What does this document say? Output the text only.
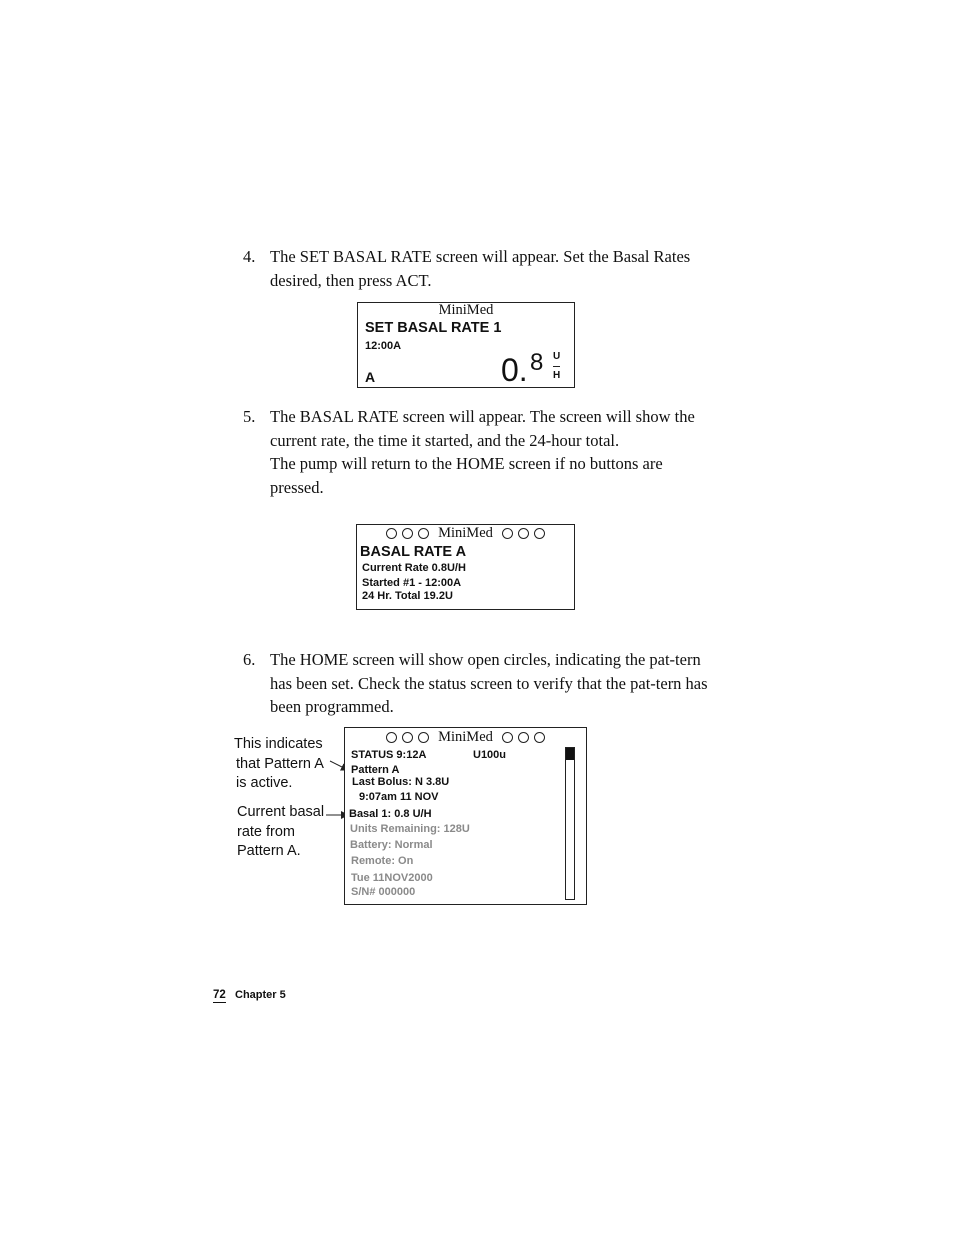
4. The SET BASAL RATE screen will appear. Set the Basal Rates desired, then press ACT.

MiniMed
SET BASAL RATE 1
12:00A
A	0. 8 U
H
5. The BASAL RATE screen will appear. The screen will show the current rate, the time it started, and the 24-hour total.

The pump will return to the HOME screen if no buttons are pressed.

MiniMed
BASAL RATE A
Current Rate 0.8U/H
Started #1 - 12:00A
24 Hr. Total 19.2U
6. The HOME screen will show open circles, indicating the pat-tern has been set. Check the status screen to verify that the pat-tern has been programmed.

This indicates
that Pattern A
is active.
Current basal
rate from
Pattern A.
MiniMed
STATUS 9:12A	U100u
Pattern A
Last Bolus: N 3.8U
9:07am 11 NOV
Basal 1: 0.8 U/H
Units Remaining: 128U
Battery: Normal
Remote: On
Tue 11NOV2000
S/N# 000000
72 Chapter 5
